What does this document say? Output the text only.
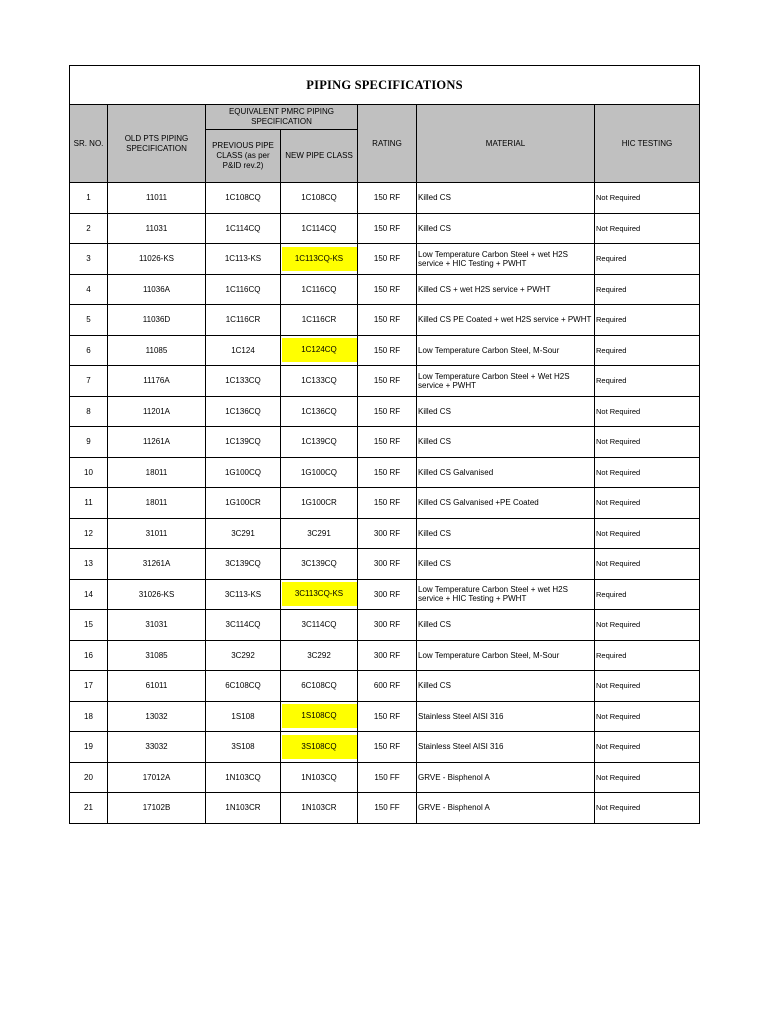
PIPING SPECIFICATIONS						
SR. NO.	OLD PTS PIPING SPECIFICATION	EQUIVALENT PMRC PIPING SPECIFICATION		RATING	MATERIAL	HIC TESTING
		PREVIOUS PIPE CLASS (as per P&ID rev.2)	NEW PIPE CLASS			
1	11011	1C108CQ	1C108CQ	150 RF	Killed CS	Not Required
2	11031	1C114CQ	1C114CQ	150 RF	Killed CS	Not Required
3	11026-KS	1C113-KS	1C113CQ-KS	150 RF	Low Temperature Carbon Steel + wet H2S service + HIC Testing + PWHT	Required
4	11036A	1C116CQ	1C116CQ	150 RF	Killed CS + wet H2S service + PWHT	Required
5	11036D	1C116CR	1C116CR	150 RF	Killed CS PE Coated + wet H2S service + PWHT	Required
6	11085	1C124	1C124CQ	150 RF	Low Temperature Carbon Steel, M-Sour	Required
7	11176A	1C133CQ	1C133CQ	150 RF	Low Temperature Carbon Steel + Wet H2S service + PWHT	Required
8	11201A	1C136CQ	1C136CQ	150 RF	Killed CS	Not Required
9	11261A	1C139CQ	1C139CQ	150 RF	Killed CS	Not Required
10	18011	1G100CQ	1G100CQ	150 RF	Killed CS Galvanised	Not Required
11	18011	1G100CR	1G100CR	150 RF	Killed CS Galvanised +PE Coated	Not Required
12	31011	3C291	3C291	300 RF	Killed CS	Not Required
13	31261A	3C139CQ	3C139CQ	300 RF	Killed CS	Not Required
14	31026-KS	3C113-KS	3C113CQ-KS	300 RF	Low Temperature Carbon Steel + wet H2S service + HIC Testing + PWHT	Required
15	31031	3C114CQ	3C114CQ	300 RF	Killed CS	Not Required
16	31085	3C292	3C292	300 RF	Low Temperature Carbon Steel, M-Sour	Required
17	61011	6C108CQ	6C108CQ	600 RF	Killed CS	Not Required
18	13032	1S108	1S108CQ	150 RF	Stainless Steel AISI 316	Not Required
19	33032	3S108	3S108CQ	150 RF	Stainless Steel AISI 316	Not Required
20	17012A	1N103CQ	1N103CQ	150 FF	GRVE - Bisphenol A	Not Required
21	17102B	1N103CR	1N103CR	150 FF	GRVE - Bisphenol A	Not Required
